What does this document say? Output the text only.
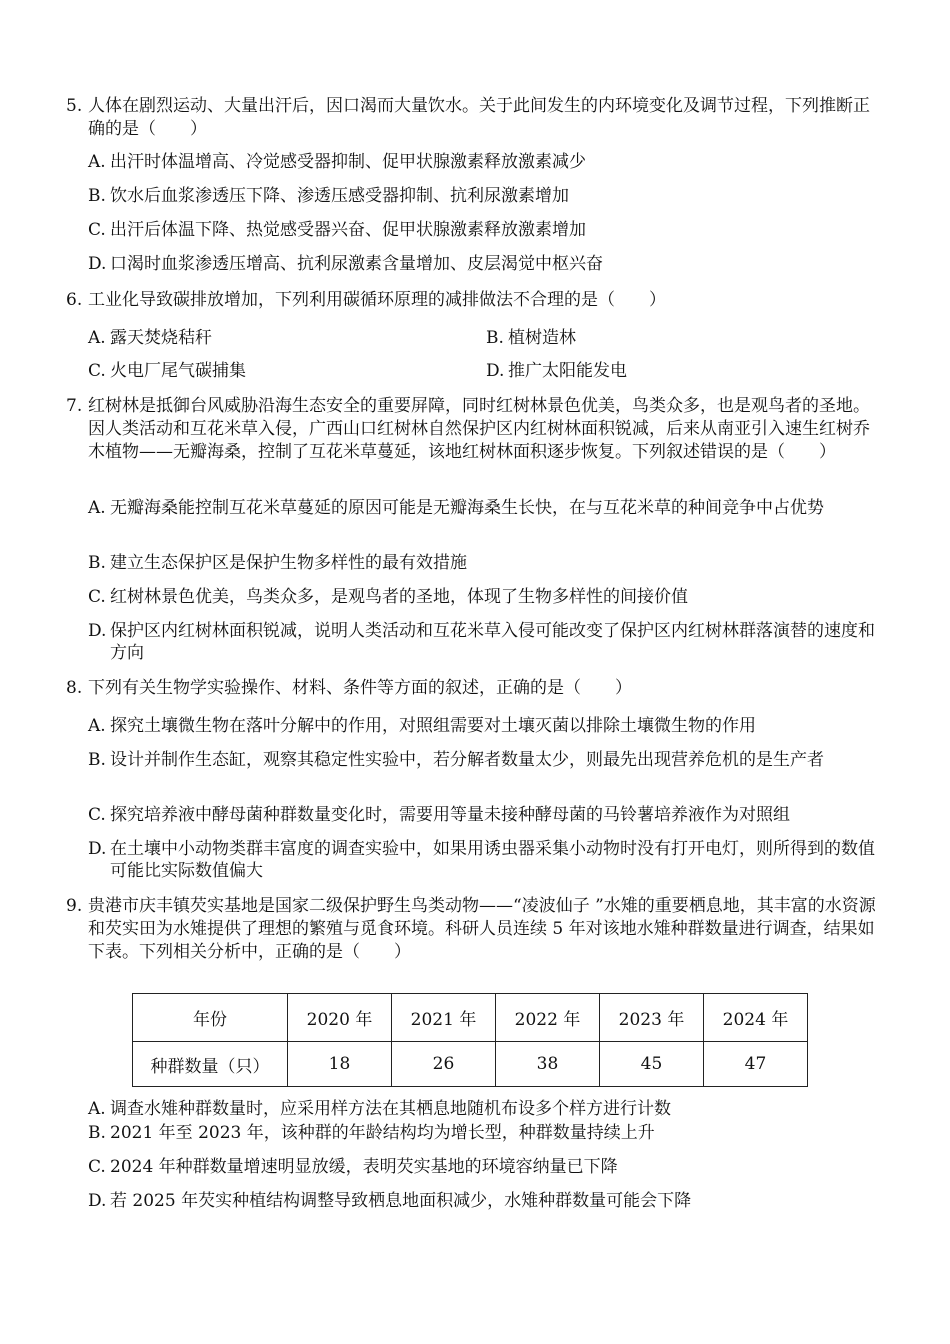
5. 人体在剧烈运动、大量出汗后，因口渴而大量饮水。关于此间发生的内环境变化及调节过程，下列推断正确的是（　　）
A. 出汗时体温增高、冷觉感受器抑制、促甲状腺激素释放激素减少
B. 饮水后血浆渗透压下降、渗透压感受器抑制、抗利尿激素增加
C. 出汗后体温下降、热觉感受器兴奋、促甲状腺激素释放激素增加
D. 口渴时血浆渗透压增高、抗利尿激素含量增加、皮层渴觉中枢兴奋
6. 工业化导致碳排放增加，下列利用碳循环原理的减排做法不合理的是（　　）
A. 露天焚烧秸秆	B. 植树造林
C. 火电厂尾气碳捕集	D. 推广太阳能发电
7. 红树林是抵御台风威胁沿海生态安全的重要屏障，同时红树林景色优美，鸟类众多，也是观鸟者的圣地。因人类活动和互花米草入侵，广西山口红树林自然保护区内红树林面积锐减，后来从南亚引入速生红树乔木植物——无瓣海桑，控制了互花米草蔓延，该地红树林面积逐步恢复。下列叙述错误的是（　　）
A. 无瓣海桑能控制互花米草蔓延的原因可能是无瓣海桑生长快，在与互花米草的种间竞争中占优势
B. 建立生态保护区是保护生物多样性的最有效措施
C. 红树林景色优美，鸟类众多，是观鸟者的圣地，体现了生物多样性的间接价值
D. 保护区内红树林面积锐减，说明人类活动和互花米草入侵可能改变了保护区内红树林群落演替的速度和方向
8. 下列有关生物学实验操作、材料、条件等方面的叙述，正确的是（　　）
A. 探究土壤微生物在落叶分解中的作用，对照组需要对土壤灭菌以排除土壤微生物的作用
B. 设计并制作生态缸，观察其稳定性实验中，若分解者数量太少，则最先出现营养危机的是生产者
C. 探究培养液中酵母菌种群数量变化时，需要用等量未接种酵母菌的马铃薯培养液作为对照组
D. 在土壤中小动物类群丰富度的调查实验中，如果用诱虫器采集小动物时没有打开电灯，则所得到的数值可能比实际数值偏大
9. 贵港市庆丰镇芡实基地是国家二级保护野生鸟类动物——“凌波仙子 ”水雉的重要栖息地，其丰富的水资源和芡实田为水雉提供了理想的繁殖与觅食环境。科研人员连续 5 年对该地水雉种群数量进行调查，结果如下表。下列相关分析中，正确的是（　　）
年份	2020 年	2021 年	2022 年	2023 年	2024 年
种群数量（只）	18	26	38	45	47
A. 调查水雉种群数量时，应采用样方法在其栖息地随机布设多个样方进行计数
B. 2021 年至 2023 年，该种群的年龄结构均为增长型，种群数量持续上升
C. 2024 年种群数量增速明显放缓，表明芡实基地的环境容纳量已下降
D. 若 2025 年芡实种植结构调整导致栖息地面积减少，水雉种群数量可能会下降
